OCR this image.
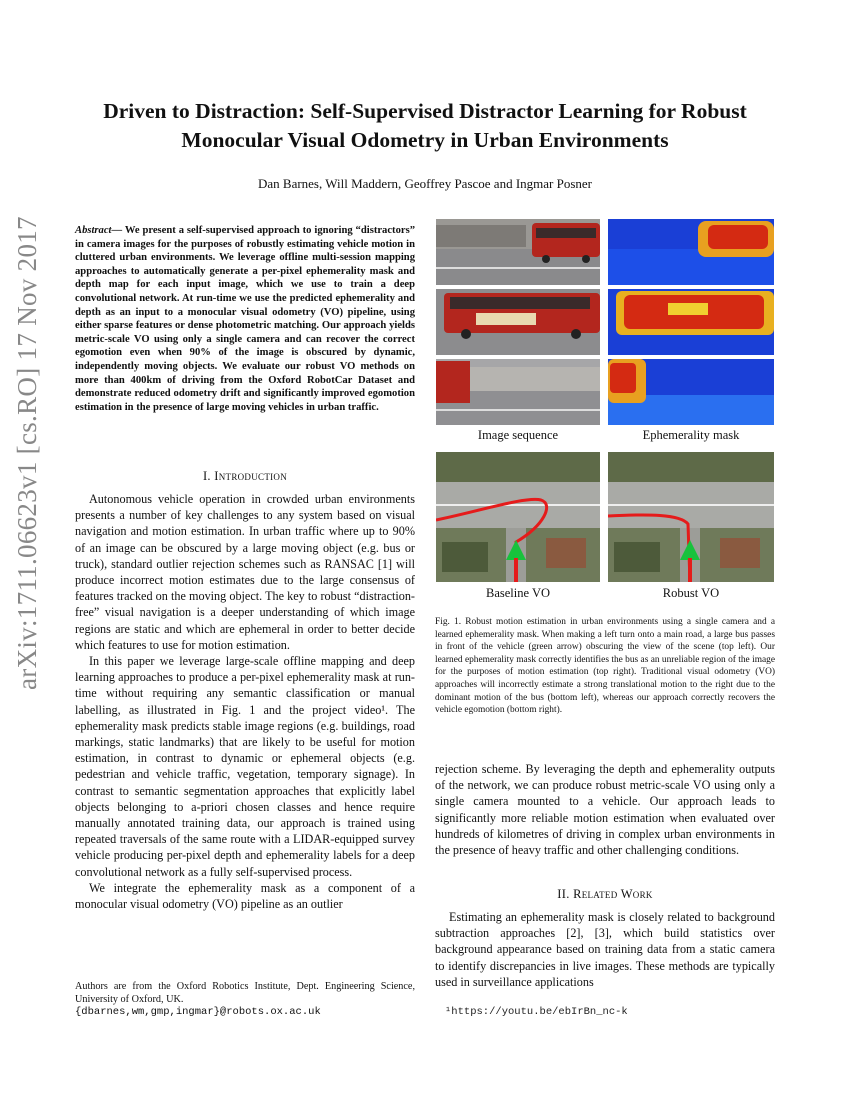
arXiv:1711.06623v1 [cs.RO] 17 Nov 2017
Driven to Distraction: Self-Supervised Distractor Learning for Robust Monocular Visual Odometry in Urban Environments
Dan Barnes, Will Maddern, Geoffrey Pascoe and Ingmar Posner
Abstract— We present a self-supervised approach to ignoring “distractors” in camera images for the purposes of robustly estimating vehicle motion in cluttered urban environments. We leverage offline multi-session mapping approaches to automatically generate a per-pixel ephemerality mask and depth map for each input image, which we use to train a deep convolutional network. At run-time we use the predicted ephemerality and depth as an input to a monocular visual odometry (VO) pipeline, using either sparse features or dense photometric matching. Our approach yields metric-scale VO using only a single camera and can recover the correct egomotion even when 90% of the image is obscured by dynamic, independently moving objects. We evaluate our robust VO methods on more than 400km of driving from the Oxford RobotCar Dataset and demonstrate reduced odometry drift and significantly improved egomotion estimation in the presence of large moving vehicles in urban traffic.
I. Introduction

Autonomous vehicle operation in crowded urban environments presents a number of key challenges to any system based on visual navigation and motion estimation. In urban traffic where up to 90% of an image can be obscured by a large moving object (e.g. bus or truck), standard outlier rejection schemes such as RANSAC [1] will produce incorrect motion estimates due to the large consensus of features tracked on the moving object. The key to robust “distraction-free” visual navigation is a deeper understanding of which image regions are static and which are ephemeral in order to better decide which features to use for motion estimation.

In this paper we leverage large-scale offline mapping and deep learning approaches to produce a per-pixel ephemerality mask at run-time without requiring any semantic classification or manual labelling, as illustrated in Fig. 1 and the project video¹. The ephemerality mask predicts stable image regions (e.g. buildings, road markings, static landmarks) that are likely to be useful for motion estimation, in contrast to dynamic or ephemeral objects (e.g. pedestrian and vehicle traffic, vegetation, temporary signage). In contrast to semantic segmentation approaches that explicitly label objects belonging to a-priori chosen classes and hence require manually annotated training data, our approach is trained using repeated traversals of the same route with a LIDAR-equipped survey vehicle producing per-pixel depth and ephemerality labels for a deep convolutional network as a fully self-supervised process.

We integrate the ephemerality mask as a component of a monocular visual odometry (VO) pipeline as an outlier

Authors are from the Oxford Robotics Institute, Dept. Engineering Science, University of Oxford, UK.
{dbarnes,wm,gmp,ingmar}@robots.ox.ac.uk
Image sequence	Ephemerality mask
Baseline VO	Robust VO
Fig. 1. Robust motion estimation in urban environments using a single camera and a learned ephemerality mask. When making a left turn onto a main road, a large bus passes in front of the vehicle (green arrow) obscuring the view of the scene (top left). Our learned ephemerality mask correctly identifies the bus as an unreliable region of the image for the purposes of motion estimation (top right). Traditional visual odometry (VO) approaches will incorrectly estimate a strong translational motion to the right due to the dominant motion of the bus (bottom left), whereas our approach correctly recovers the vehicle egomotion (bottom right).

rejection scheme. By leveraging the depth and ephemerality outputs of the network, we can produce robust metric-scale VO using only a single camera mounted to a vehicle. Our approach leads to significantly more reliable motion estimation when evaluated over hundreds of kilometres of driving in complex urban environments in the presence of heavy traffic and other challenging conditions.

II. Related Work

Estimating an ephemerality mask is closely related to background subtraction approaches [2], [3], which build statistics over background appearance based on training data from a static camera to identify discrepancies in live images. These methods are typically used in surveillance applications

¹https://youtu.be/ebIrBn_nc-k
